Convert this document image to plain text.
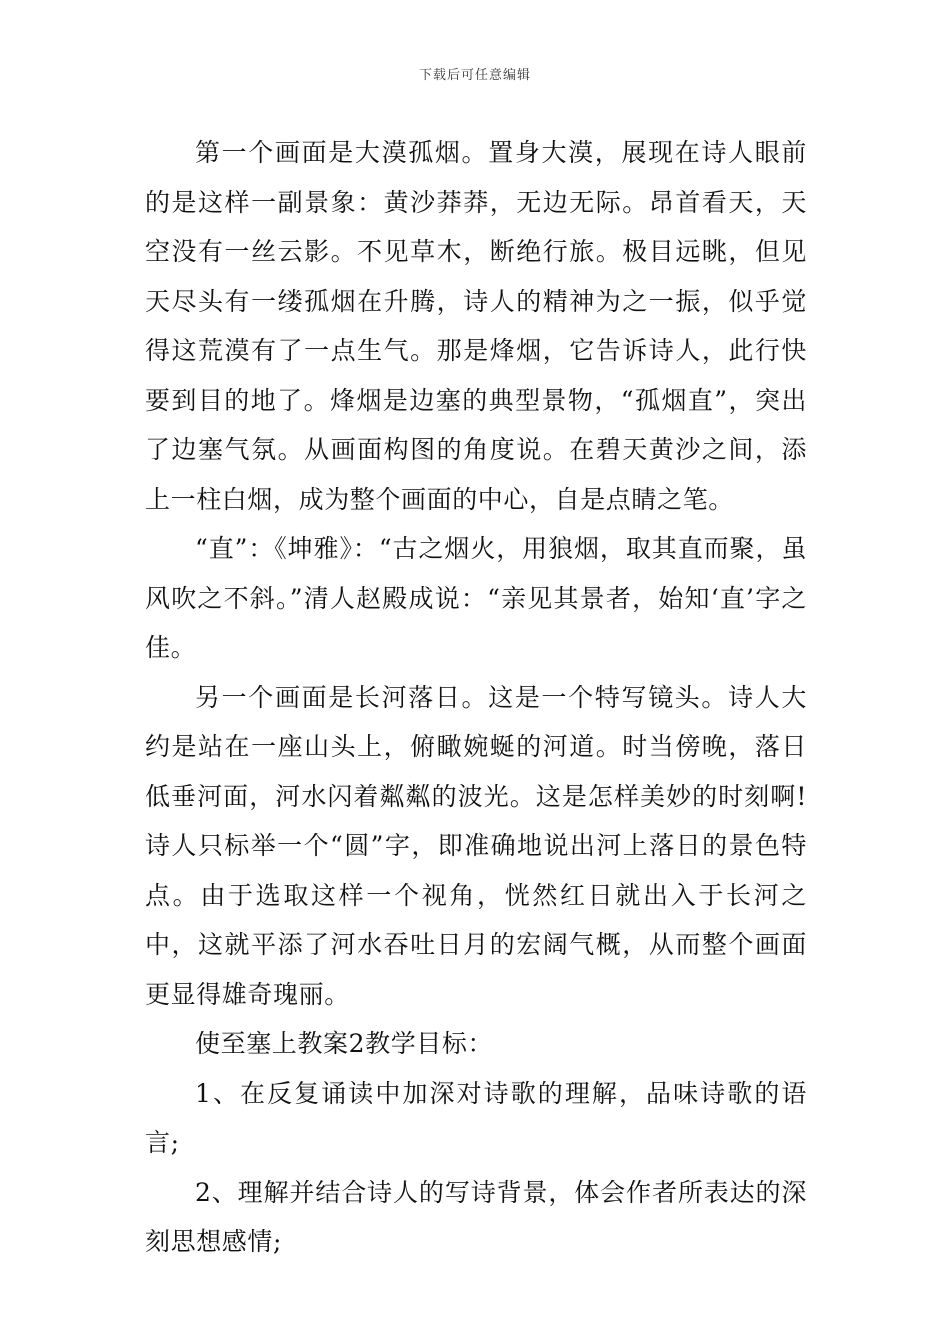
下载后可任意编辑

第一个画面是大漠孤烟。置身大漠，展现在诗人眼前的是这样一副景象：黄沙莽莽，无边无际。昂首看天，天空没有一丝云影。不见草木，断绝行旅。极目远眺，但见天尽头有一缕孤烟在升腾，诗人的精神为之一振，似乎觉得这荒漠有了一点生气。那是烽烟，它告诉诗人，此行快要到目的地了。烽烟是边塞的典型景物，“孤烟直”，突出了边塞气氛。从画面构图的角度说。在碧天黄沙之间，添上一柱白烟，成为整个画面的中心，自是点睛之笔。

“直”：《坤雅》：“古之烟火，用狼烟，取其直而聚，虽风吹之不斜。”清人赵殿成说：“亲见其景者，始知‘直’字之佳。

另一个画面是长河落日。这是一个特写镜头。诗人大约是站在一座山头上，俯瞰婉蜒的河道。时当傍晚，落日低垂河面，河水闪着粼粼的波光。这是怎样美妙的时刻啊!诗人只标举一个“圆”字，即准确地说出河上落日的景色特点。由于选取这样一个视角，恍然红日就出入于长河之中，这就平添了河水吞吐日月的宏阔气概，从而整个画面更显得雄奇瑰丽。

使至塞上教案2教学目标：

1、在反复诵读中加深对诗歌的理解，品味诗歌的语言;

2、理解并结合诗人的写诗背景，体会作者所表达的深刻思想感情;
